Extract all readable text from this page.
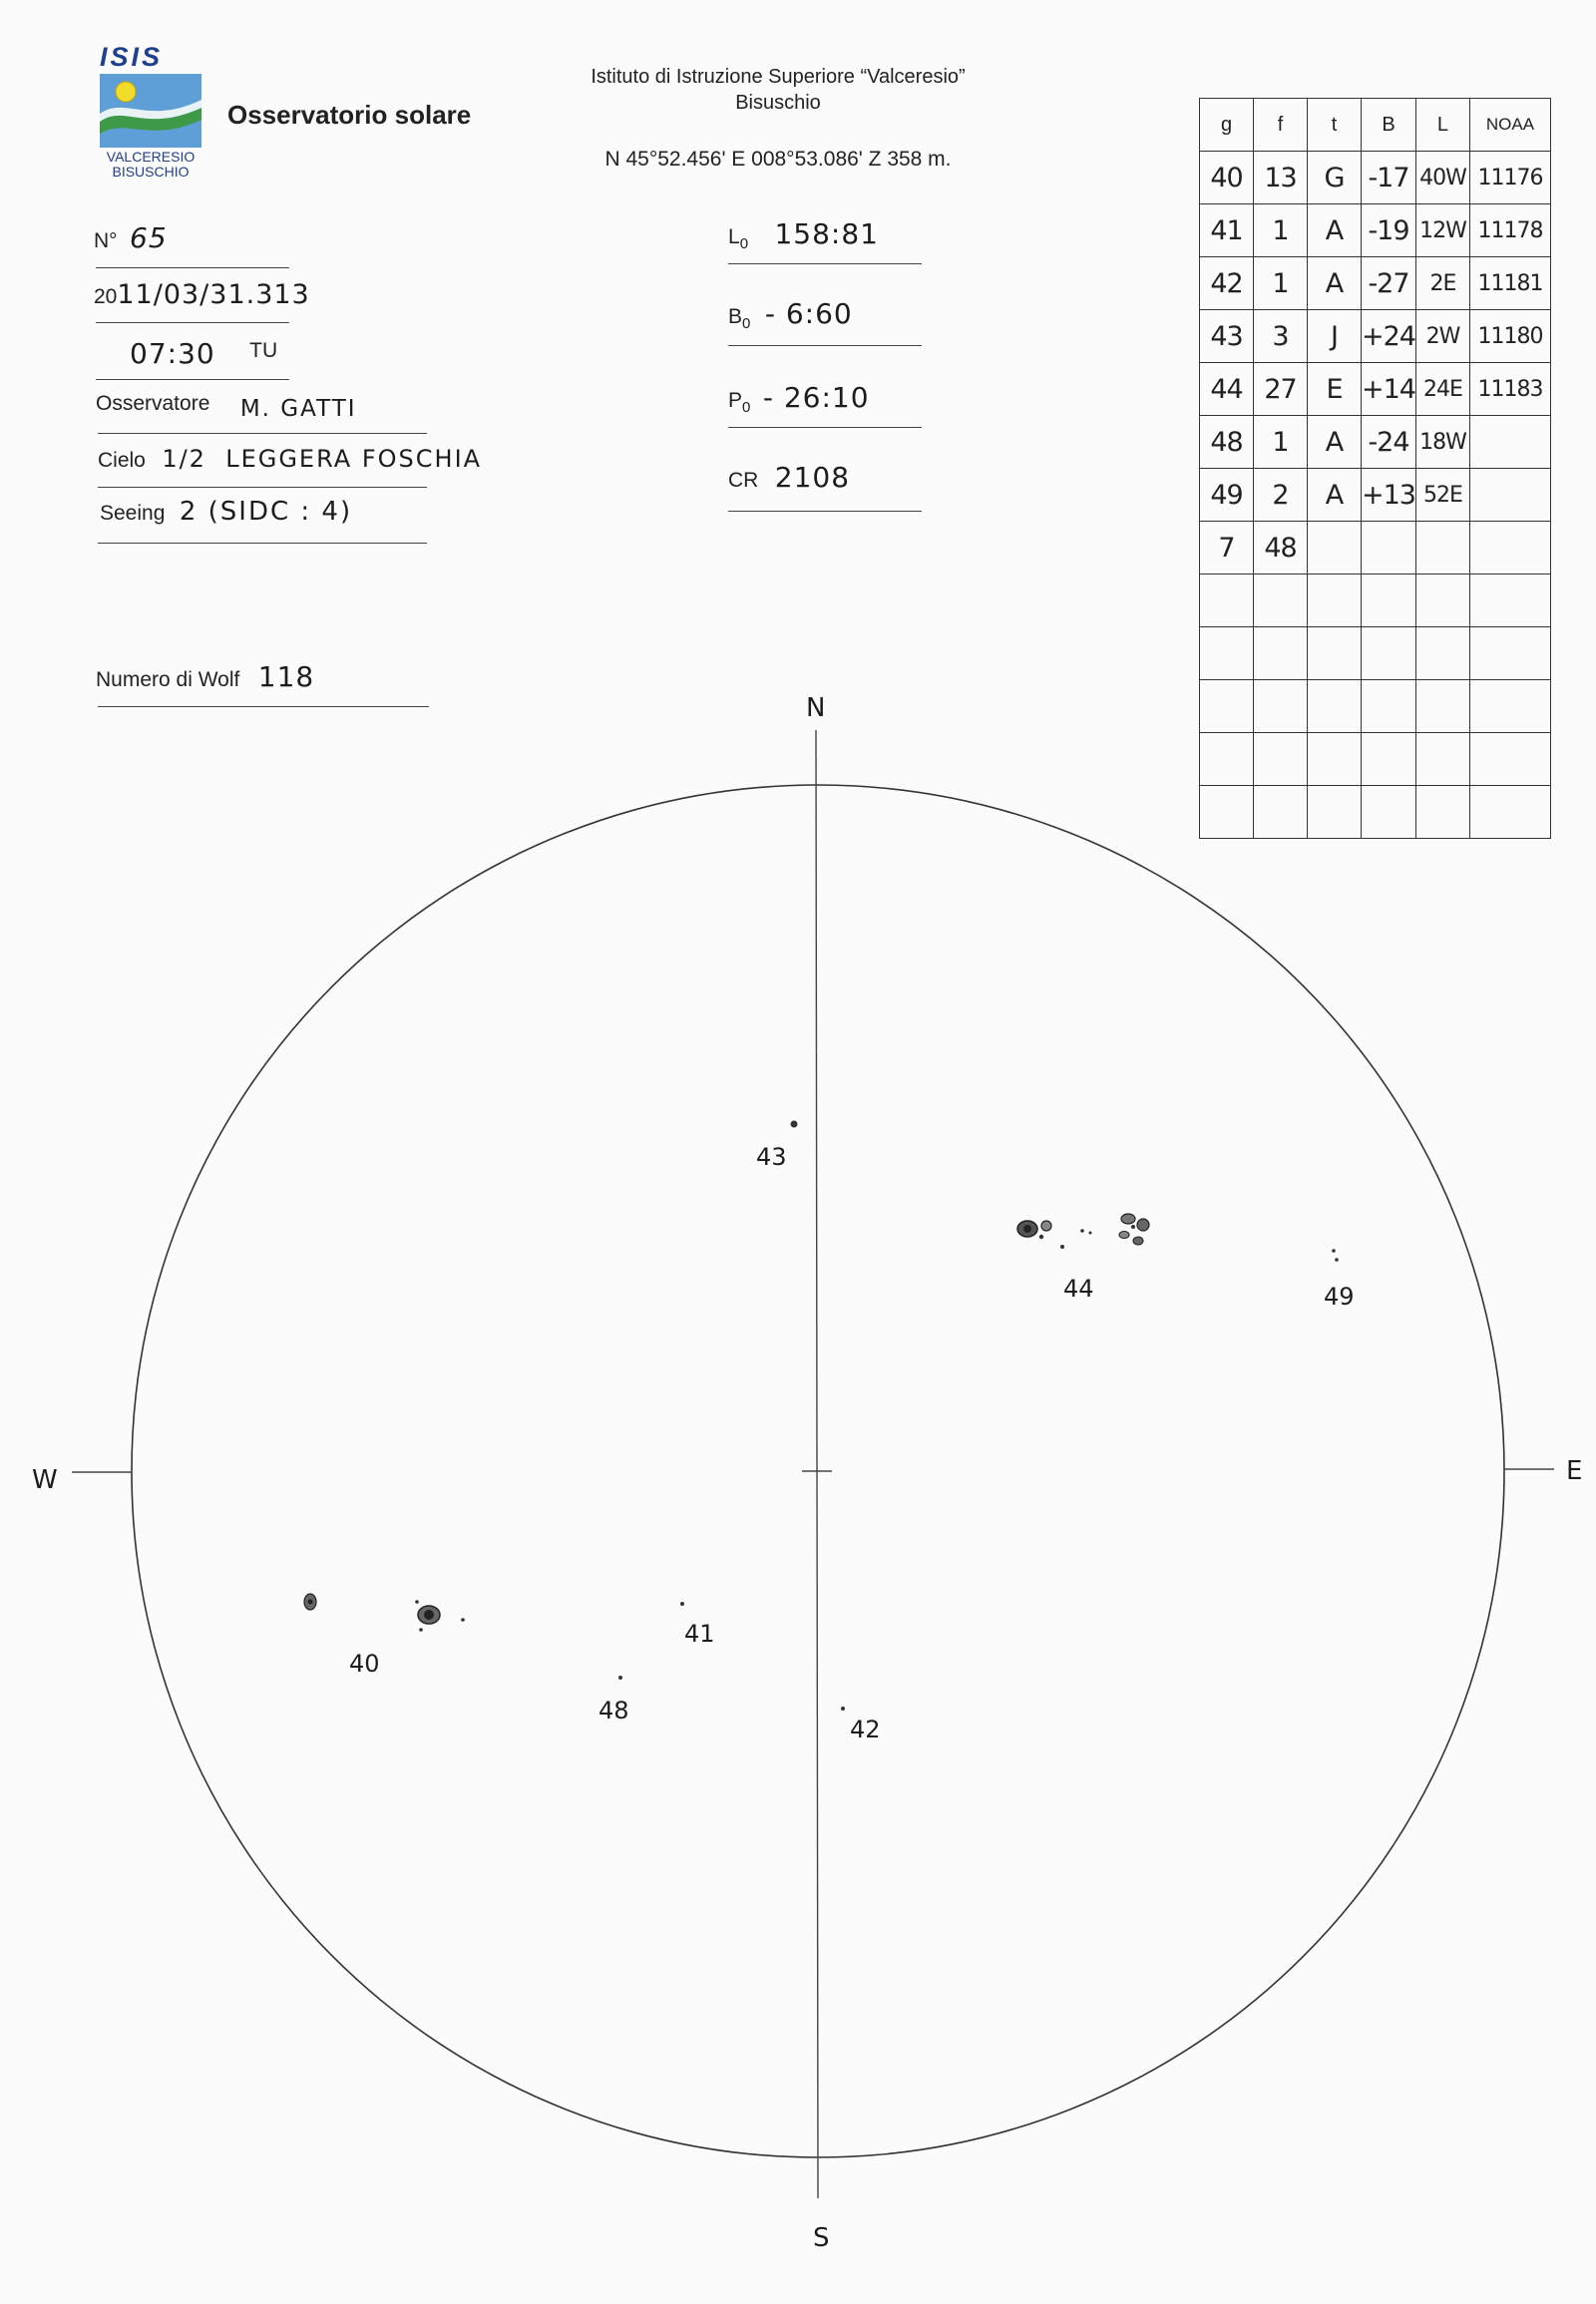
ISIS
VALCERESIO
BISUSCHIO
Osservatorio solare
Istituto di Istruzione Superiore “Valceresio”
Bisuschio
N 45°52.456' E 008°53.086' Z 358 m.
N° 65
2011/03/31.313
07:30 TU
Osservatore M. GATTI
Cielo 1/2  LEGGERA FOSCHIA
Seeing 2 (SIDC : 4)
Numero di Wolf 118
$L_0$ 158:81
$B_0$ - 6:60
$P_0$ - 26:10
CR 2108
g	f	t	B	L	NOAA
40	13	G	-17	40W	11176
41	1	A	-19	12W	11178
42	1	A	-27	2E	11181
43	3	J	+24	2W	11180
44	27	E	+14	24E	11183
48	1	A	-24	18W	
49	2	A	+13	52E	
7	48				

N
S
E
W
43
44	49
40
41
48
42
